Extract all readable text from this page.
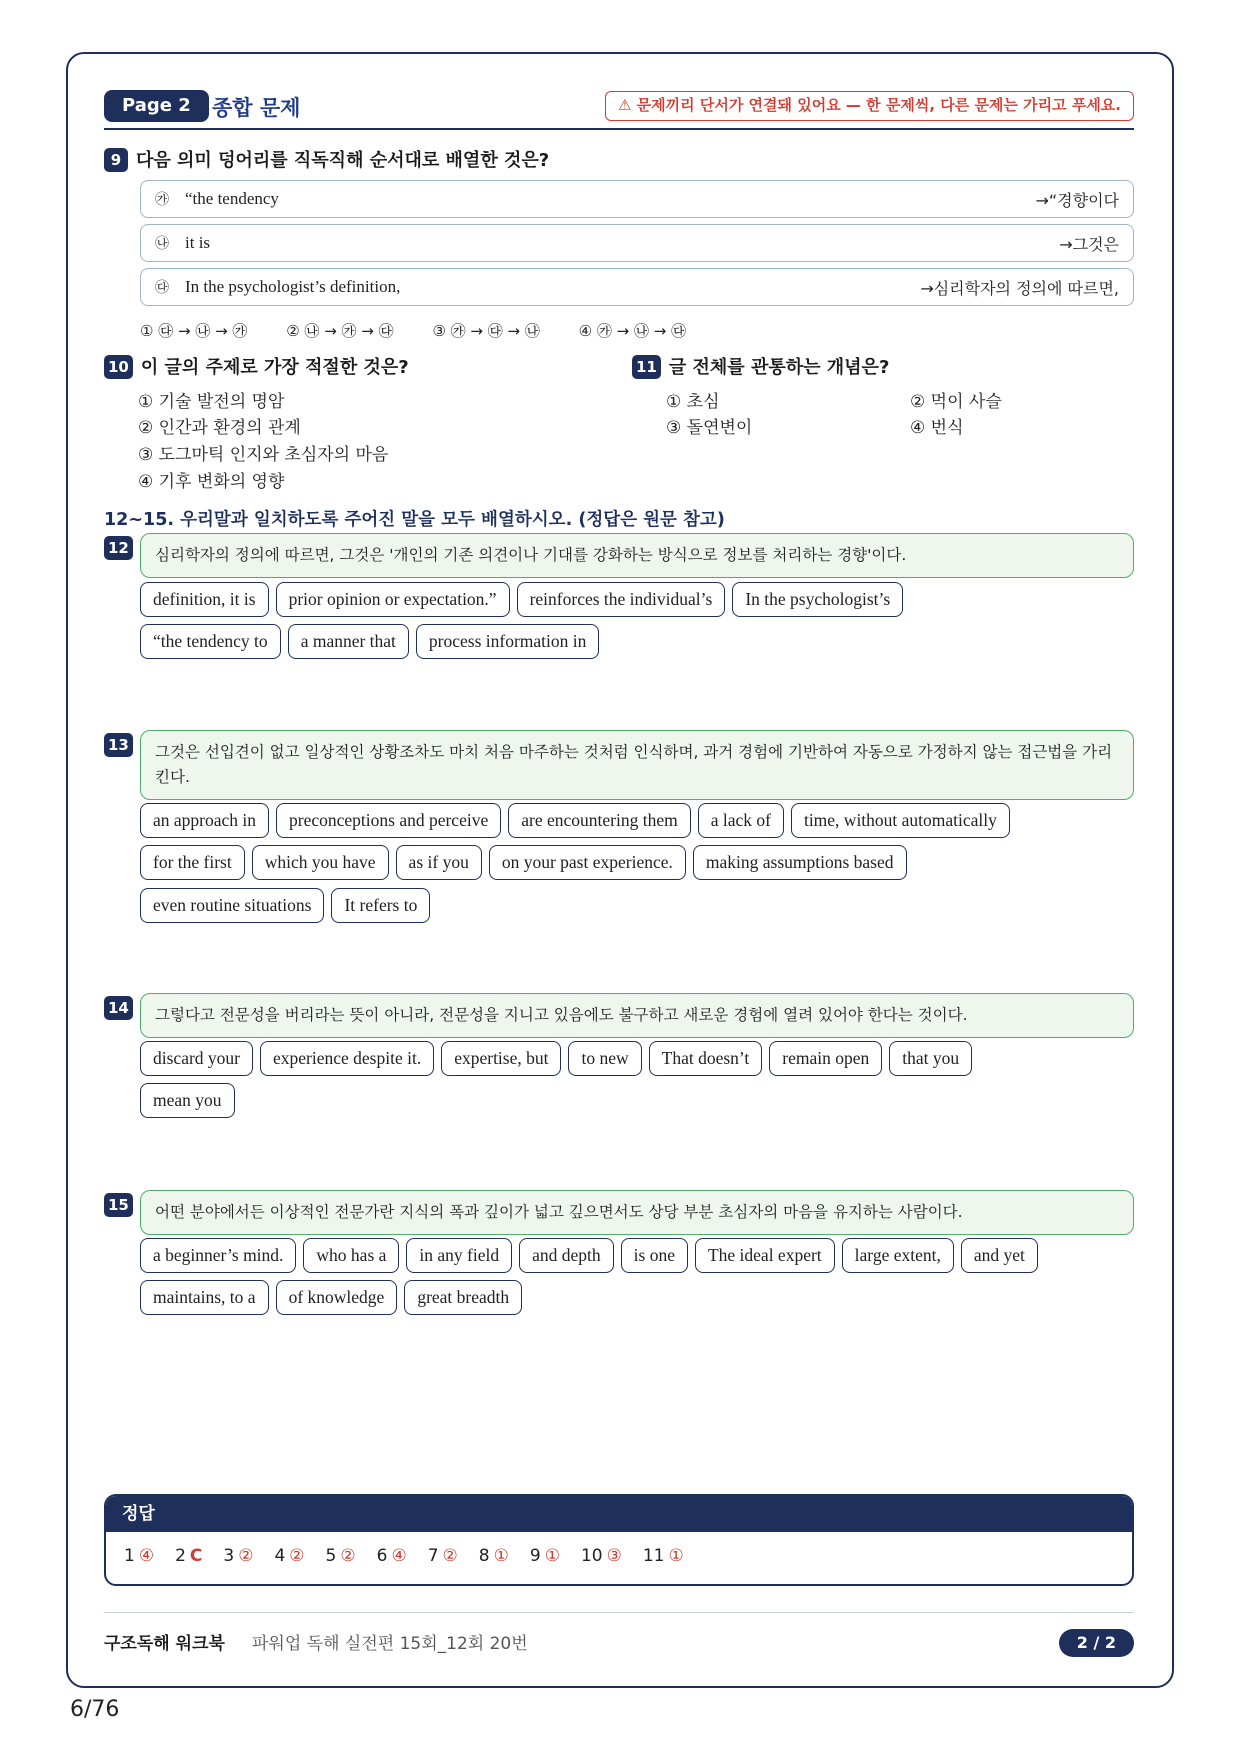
Page 2	종합 문제	⚠ 문제끼리 단서가 연결돼 있어요 — 한 문제씩, 다른 문제는 가리고 푸세요.
9 다음 의미 덩어리를 직독직해 순서대로 배열한 것은?
㉮ “the tendency	→“경향이다
㉯ it is	→그것은
㉰ In the psychologist’s definition,	→심리학자의 정의에 따르면,
① ㉰ → ㉯ → ㉮	② ㉯ → ㉮ → ㉰	③ ㉮ → ㉰ → ㉯	④ ㉮ → ㉯ → ㉰
10 이 글의 주제로 가장 적절한 것은?
① 기술 발전의 명암
② 인간과 환경의 관계
③ 도그마틱 인지와 초심자의 마음
④ 기후 변화의 영향
11 글 전체를 관통하는 개념은?
① 초심	② 먹이 사슬
③ 돌연변이	④ 번식
12~15. 우리말과 일치하도록 주어진 말을 모두 배열하시오. (정답은 원문 참고)
12	심리학자의 정의에 따르면, 그것은 '개인의 기존 의견이나 기대를 강화하는 방식으로 정보를 처리하는 경향'이다.
definition, it is	prior opinion or expectation.”	reinforces the individual’s	In the psychologist’s
“the tendency to	a manner that	process information in
13	그것은 선입견이 없고 일상적인 상황조차도 마치 처음 마주하는 것처럼 인식하며, 과거 경험에 기반하여 자동으로 가정하지 않는 접근법을 가리킨다.
an approach in	preconceptions and perceive	are encountering them	a lack of	time, without automatically
for the first	which you have	as if you	on your past experience.	making assumptions based
even routine situations	It refers to
14	그렇다고 전문성을 버리라는 뜻이 아니라, 전문성을 지니고 있음에도 불구하고 새로운 경험에 열려 있어야 한다는 것이다.
discard your	experience despite it.	expertise, but	to new	That doesn’t	remain open	that you
mean you
15	어떤 분야에서든 이상적인 전문가란 지식의 폭과 깊이가 넓고 깊으면서도 상당 부분 초심자의 마음을 유지하는 사람이다.
a beginner’s mind.	who has a	in any field	and depth	is one	The ideal expert	large extent,	and yet
maintains, to a	of knowledge	great breadth
정답
1 ④ 2 C 3 ② 4 ② 5 ② 6 ④ 7 ② 8 ① 9 ① 10 ③ 11 ①
구조독해 워크북 파워업 독해 실전편 15회_12회 20번	2 / 2
6/76
